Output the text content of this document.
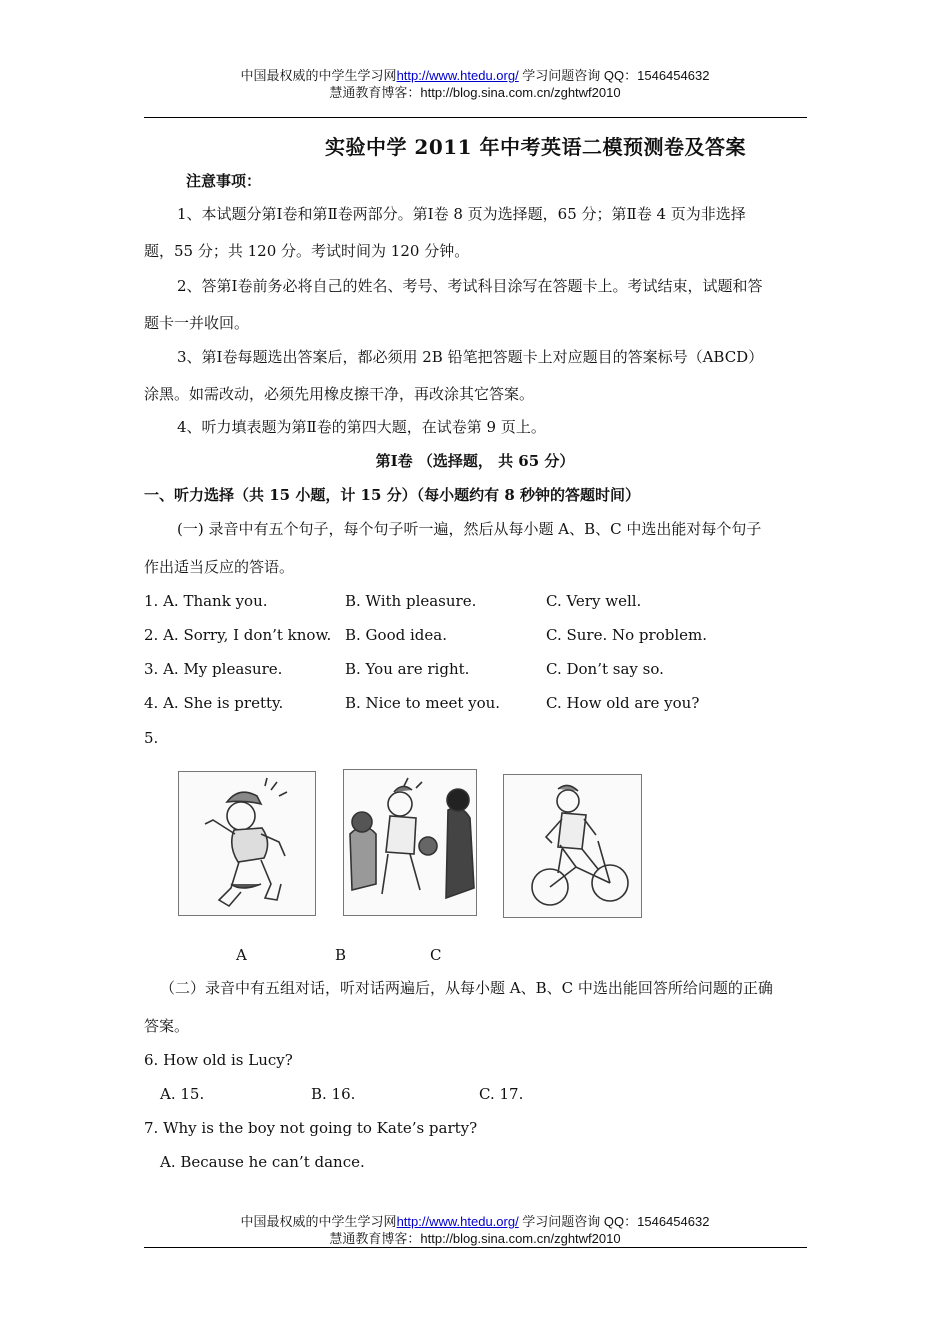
中国最权威的中学生学习网http://www.htedu.org/ 学习问题咨询 QQ：1546454632
慧通教育博客：http://blog.sina.com.cn/zghtwf2010
实验中学 2011 年中考英语二模预测卷及答案
注意事项：
1、本试题分第Ⅰ卷和第Ⅱ卷两部分。第Ⅰ卷 8 页为选择题，65 分；第Ⅱ卷 4 页为非选择
题，55 分；共 120 分。考试时间为 120 分钟。
2、答第Ⅰ卷前务必将自己的姓名、考号、考试科目涂写在答题卡上。考试结束，试题和答
题卡一并收回。
3、第Ⅰ卷每题选出答案后，都必须用 2B 铅笔把答题卡上对应题目的答案标号（ABCD）
涂黑。如需改动，必须先用橡皮擦干净，再改涂其它答案。
4、听力填表题为第Ⅱ卷的第四大题，在试卷第 9 页上。
第Ⅰ卷 （选择题， 共 65 分）
一、听力选择（共 15 小题，计 15 分）（每小题约有 8 秒钟的答题时间）
(一) 录音中有五个句子，每个句子听一遍，然后从每小题 A、B、C 中选出能对每个句子
作出适当反应的答语。
1. A. Thank you.	B. With pleasure.	C. Very well.
2. A. Sorry, I don’t know. B. Good idea.	C. Sure. No problem.
3. A. My pleasure.	B. You are right.	C. Don’t say so.
4. A. She is pretty.	B. Nice to meet you.	C. How old are you?
5.
A	B	C
（二）录音中有五组对话，听对话两遍后，从每小题 A、B、C 中选出能回答所给问题的正确
答案。
6. How old is Lucy?
A. 15.	B. 16.	C. 17.
7. Why is the boy not going to Kate’s party?
A. Because he can’t dance.
中国最权威的中学生学习网http://www.htedu.org/ 学习问题咨询 QQ：1546454632
慧通教育博客：http://blog.sina.com.cn/zghtwf2010
